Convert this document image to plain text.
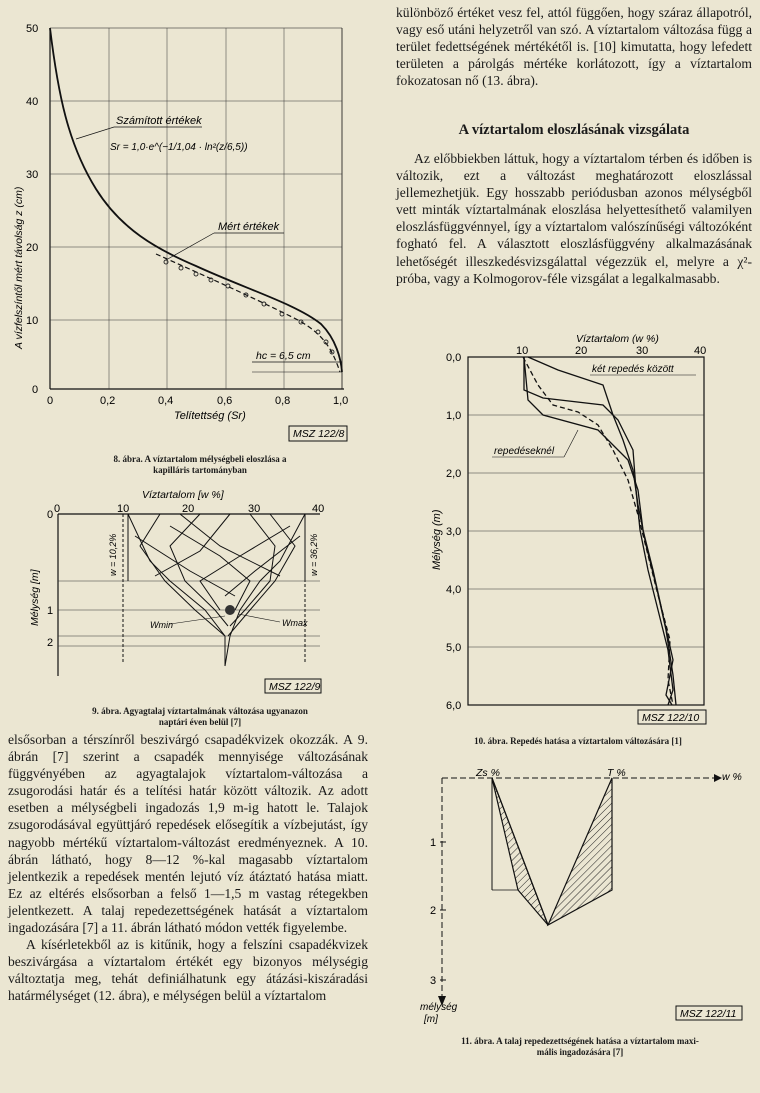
különböző értéket vesz fel, attól függően, hogy száraz állapotról, vagy eső utáni helyzetről van szó. A víztartalom változása függ a terület fedettségének mértékétől is. [10] kimutatta, hogy lefedett területen a párolgás mértéke korlátozott, így a víztartalom fokozatosan nő (13. ábra).

A víztartalom eloszlásának vizsgálata

Az előbbiekben láttuk, hogy a víztartalom térben és időben is változik, ezt a változást meghatározott eloszlással jellemezhetjük. Egy hosszabb periódusban azonos mélységből vett minták víztartalmának eloszlása helyettesíthető valamilyen eloszlásfüggvénnyel, így a víztartalom valószínűségi változóként fogható fel. A választott eloszlásfüggvény alkalmazásának lehetőségét illeszkedésvizsgálattal végezzük el, melyre a χ²-próba, vagy a Kolmogorov-féle vizsgálat a legalkalmasabb.

0
10
20
30
40
50
0	0,2	0,4	0,6	0,8	1,0
A vízfelszíntől mért távolság z (cm)
Telítettség (Sr)
Számított értékek
Sr = 1,0·e^(−1/1,04 · ln²(z/6,5))
Mért értékek
hc = 6,5 cm
MSZ 122/8
8. ábra. A víztartalom mélységbeli eloszlása a
kapilláris tartományban
Víztartalom [w %]
0	10	20	30	40
0
1
2
Mélység [m]
w = 10,2%	w = 36,2%
Wmin	Wmax
MSZ 122/9
9. ábra. Agyagtalaj víztartalmának változása ugyanazon
naptári éven belül [7]

elsősorban a térszínről beszivárgó csapadékvizek okozzák. A 9. ábrán [7] szerint a csapadék mennyisége változásának függvényében az agyagtalajok víztartalom-változása a zsugorodási határ és a telítési határ között változik. Az adott esetben a mélységbeli ingadozás 1,9 m-ig hatott le. Talajok zsugorodásával együttjáró repedések elősegítik a vízbejutást, így nagyobb mértékű víztartalom-változást eredményeznek. A 10. ábrán látható, hogy 8—12 %-kal magasabb víztartalom jelentkezik a repedések mentén lejutó víz átáztató hatása miatt. Ez az eltérés elsősorban a felső 1—1,5 m vastag rétegekben jelentkezett. A talaj repedezettségének hatását a víztartalom ingadozására [7] a 11. ábrán látható módon vették figyelembe.

A kísérletekből az is kitűnik, hogy a felszíni csapadékvizek beszivárgása a víztartalom értékét egy bizonyos mélységig változtatja meg, tehát definiálhatunk egy átázási-kiszáradási határmélységet (12. ábra), e mélységen belül a víztartalom

Víztartalom (w %)
10	20	30	40
0,0
1,0
2,0
3,0
4,0
5,0
6,0
Mélység (m)
két repedés között
repedéseknél
MSZ 122/10
10. ábra. Repedés hatása a víztartalom változására [1]
Zs %	T %	w %
1
2
3
mélység
[m]	MSZ 122/11
11. ábra. A talaj repedezettségének hatása a víztartalom maxi-
mális ingadozására [7]
